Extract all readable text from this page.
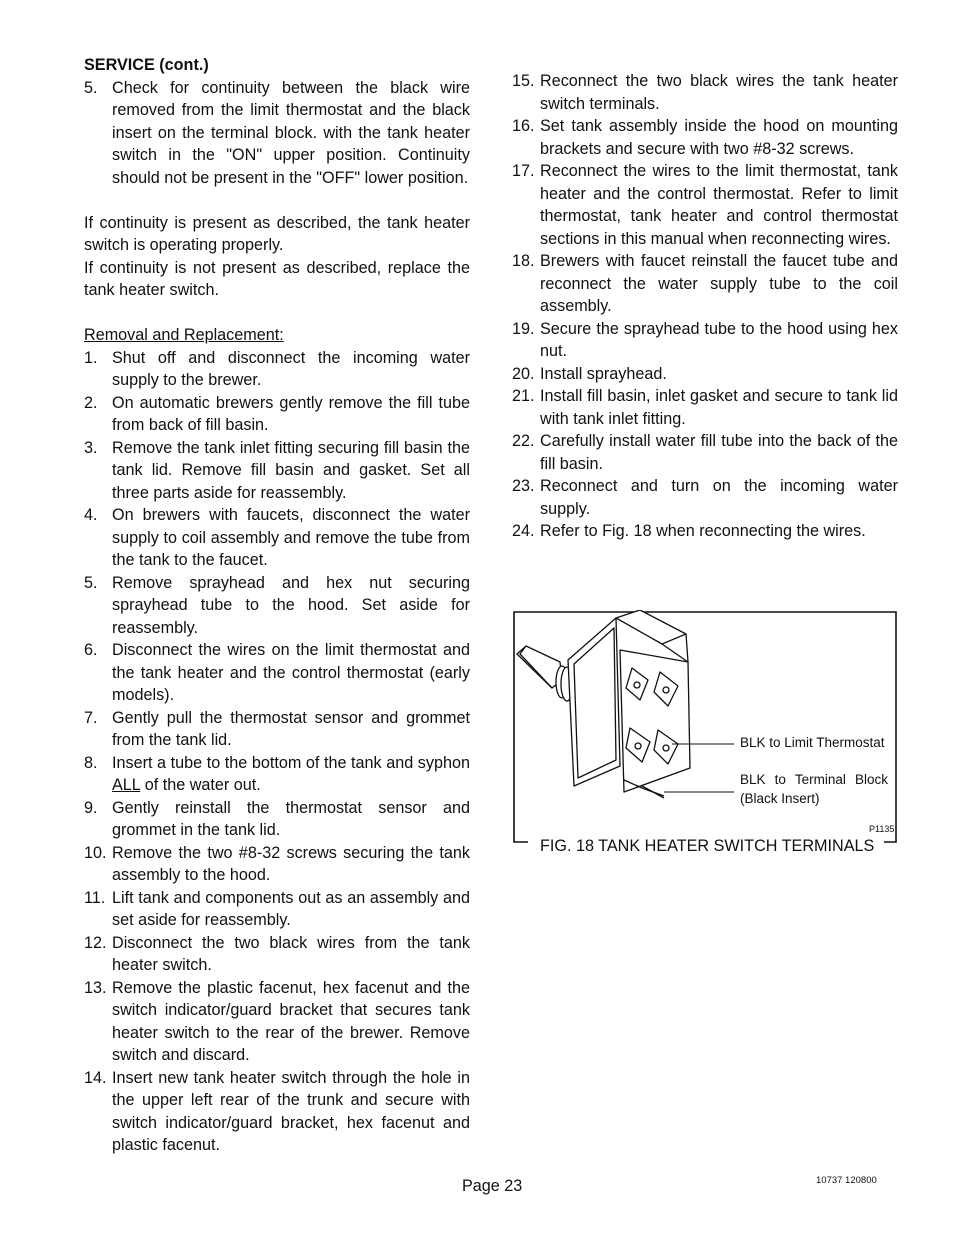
SERVICE (cont.)

5. Check for continuity between the black wire removed from the limit thermostat and the black insert on the terminal block. with the tank heater switch in the "ON" upper position. Continuity should not be present in the "OFF" lower position.

If continuity is present as described, the tank heater switch is operating properly.

If continuity is not present as described, replace the tank heater switch.

Removal and Replacement:

1. Shut off and disconnect the incoming water supply to the brewer.
2. On automatic brewers gently remove the fill tube from back of fill basin.
3. Remove the tank inlet fitting securing fill basin the tank lid. Remove fill basin and gasket. Set all three parts aside for reassembly.
4. On brewers with faucets, disconnect the water supply to coil assembly and remove the tube from the tank to the faucet.
5. Remove sprayhead and hex nut securing sprayhead tube to the hood. Set aside for reassembly.
6. Disconnect the wires on the limit thermostat and the tank heater and the control thermostat (early models).
7. Gently pull the thermostat sensor and grommet from the tank lid.
8. Insert a tube to the bottom of the tank and syphon ALL of the water out.
9. Gently reinstall the thermostat sensor and grommet in the tank lid.
10. Remove the two #8-32 screws securing the tank assembly to the hood.
11. Lift tank and components out as an assembly and set aside for reassembly.
12. Disconnect the two black wires from the tank heater switch.
13. Remove the plastic facenut, hex facenut and the switch indicator/guard bracket that secures tank heater switch to the rear of the brewer. Remove switch and discard.
14. Insert new tank heater switch through the hole in the upper left rear of the trunk and secure with switch indicator/guard bracket, hex facenut and plastic facenut.
15. Reconnect the two black wires the tank heater switch terminals.
16. Set tank assembly inside the hood on mounting brackets and secure with two #8-32 screws.
17. Reconnect the wires to the limit thermostat, tank heater and the control thermostat. Refer to limit thermostat, tank heater and control thermostat sections in this manual when reconnecting wires.
18. Brewers with faucet reinstall the faucet tube and reconnect the water supply tube to the coil assembly.
19. Secure the sprayhead tube to the hood using hex nut.
20. Install sprayhead.
21. Install fill basin, inlet gasket and secure to tank lid with tank inlet fitting.
22. Carefully install water fill tube into the back of the fill basin.
23. Reconnect and turn on the incoming water supply.
24. Refer to Fig. 18 when reconnecting the wires.
BLK to Limit Thermostat
BLK to Terminal Block
(Black Insert)
P1135
FIG. 18 TANK HEATER SWITCH TERMINALS
Page 23	10737 120800
